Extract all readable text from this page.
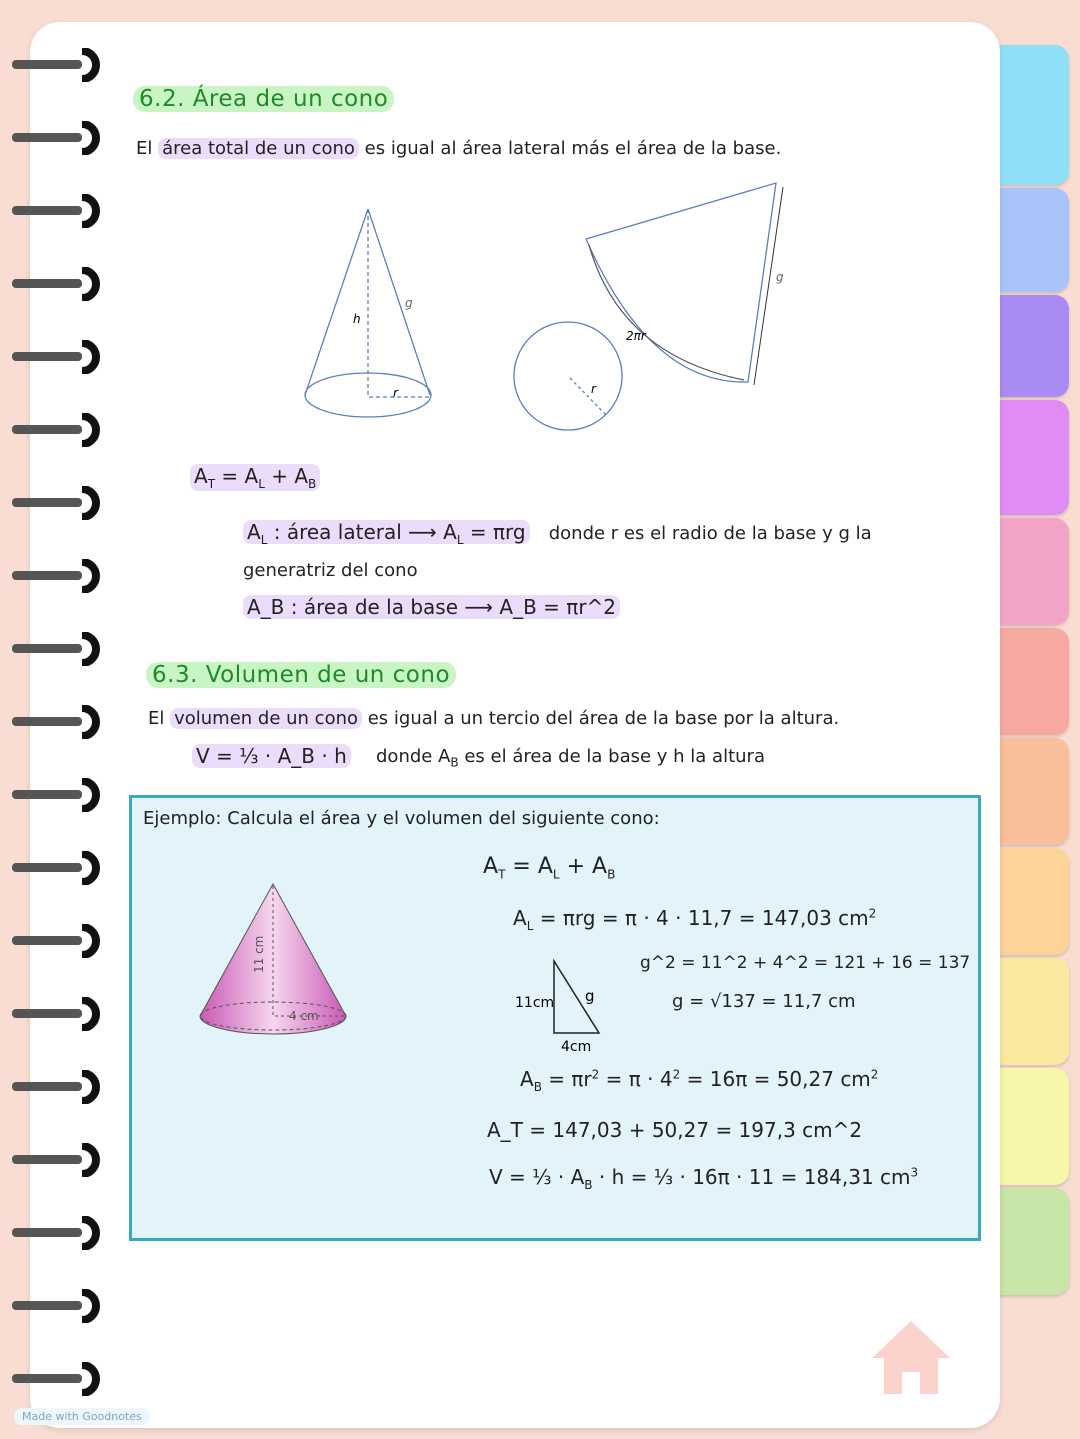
6.2. Área de un cono
El área total de un cono es igual al área lateral más el área de la base.
h
g
r
2πr
g
r
$A_T = A_L + A_B$
$A_L$ : área lateral ⟶ $A_L = \pi rg$ donde r es el radio de la base y g la
generatriz del cono
A_B : área de la base ⟶ A_B = πr^2
6.3. Volumen de un cono
El volumen de un cono es igual a un tercio del área de la base por la altura.
V = ⅓ · A_B · h donde $A_B$ es el área de la base y h la altura
Ejemplo: Calcula el área y el volumen del siguiente cono:
11 cm
4 cm
11cm g
4cm
$A_T = A_L + A_B$
$A_L = \pi rg = \pi \cdot 4 \cdot 11,7 = 147,03$ $cm^2$
g^2 = 11^2 + 4^2 = 121 + 16 = 137
g = √137 = 11,7 cm
$A_B = \pi r^2 = \pi \cdot 4^2 = 16\pi = 50,27$ $cm^2$
A_T = 147,03 + 50,27 = 197,3 cm^2
V = ⅓ · $A_B \cdot h$ = ⅓ · 16π · 11 = 184,31 $cm^3$
Made with Goodnotes
